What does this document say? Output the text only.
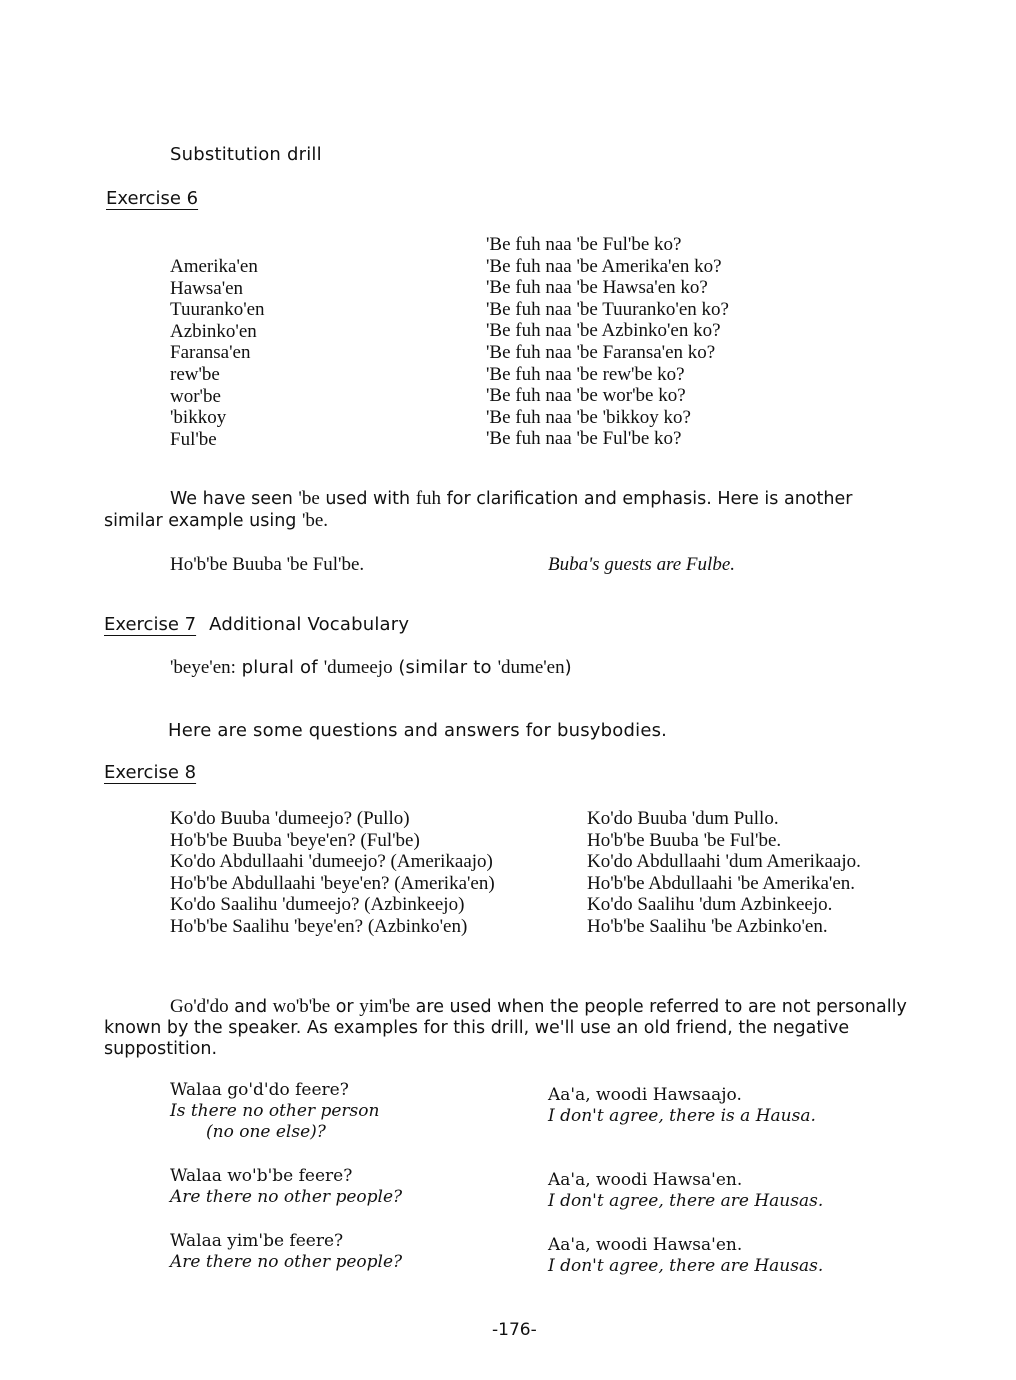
Substitution drill
Exercise 6
Amerika'en
Hawsa'en
Tuuranko'en
Azbinko'en
Faransa'en
rew'be
wor'be
'bikkoy
Ful'be
'Be fuh naa 'be Ful'be ko?
'Be fuh naa 'be Amerika'en ko?
'Be fuh naa 'be Hawsa'en ko?
'Be fuh naa 'be Tuuranko'en ko?
'Be fuh naa 'be Azbinko'en ko?
'Be fuh naa 'be Faransa'en ko?
'Be fuh naa 'be rew'be ko?
'Be fuh naa 'be wor'be ko?
'Be fuh naa 'be 'bikkoy ko?
'Be fuh naa 'be Ful'be ko?
We have seen 'be used with fuh for clarification and emphasis. Here is another similar example using 'be.
Ho'b'be Buuba 'be Ful'be.	Buba's guests are Fulbe.
Exercise 7 Additional Vocabulary
'beye'en: plural of 'dumeejo (similar to 'dume'en)
Here are some questions and answers for busybodies.
Exercise 8
Ko'do Buuba 'dumeejo? (Pullo)
Ho'b'be Buuba 'beye'en? (Ful'be)
Ko'do Abdullaahi 'dumeejo? (Amerikaajo)
Ho'b'be Abdullaahi 'beye'en? (Amerika'en)
Ko'do Saalihu 'dumeejo? (Azbinkeejo)
Ho'b'be Saalihu 'beye'en? (Azbinko'en)
Ko'do Buuba 'dum Pullo.
Ho'b'be Buuba 'be Ful'be.
Ko'do Abdullaahi 'dum Amerikaajo.
Ho'b'be Abdullaahi 'be Amerika'en.
Ko'do Saalihu 'dum Azbinkeejo.
Ho'b'be Saalihu 'be Azbinko'en.
Go'd'do and wo'b'be or yim'be are used when the people referred to are not personally known by the speaker. As examples for this drill, we'll use an old friend, the negative suppostition.
Walaa go'd'do feere?
Is there no other person
(no one else)?
Aa'a, woodi Hawsaajo.
I don't agree, there is a Hausa.
Walaa wo'b'be feere?
Are there no other people?
Aa'a, woodi Hawsa'en.
I don't agree, there are Hausas.
Walaa yim'be feere?
Are there no other people?
Aa'a, woodi Hawsa'en.
I don't agree, there are Hausas.
-176-
